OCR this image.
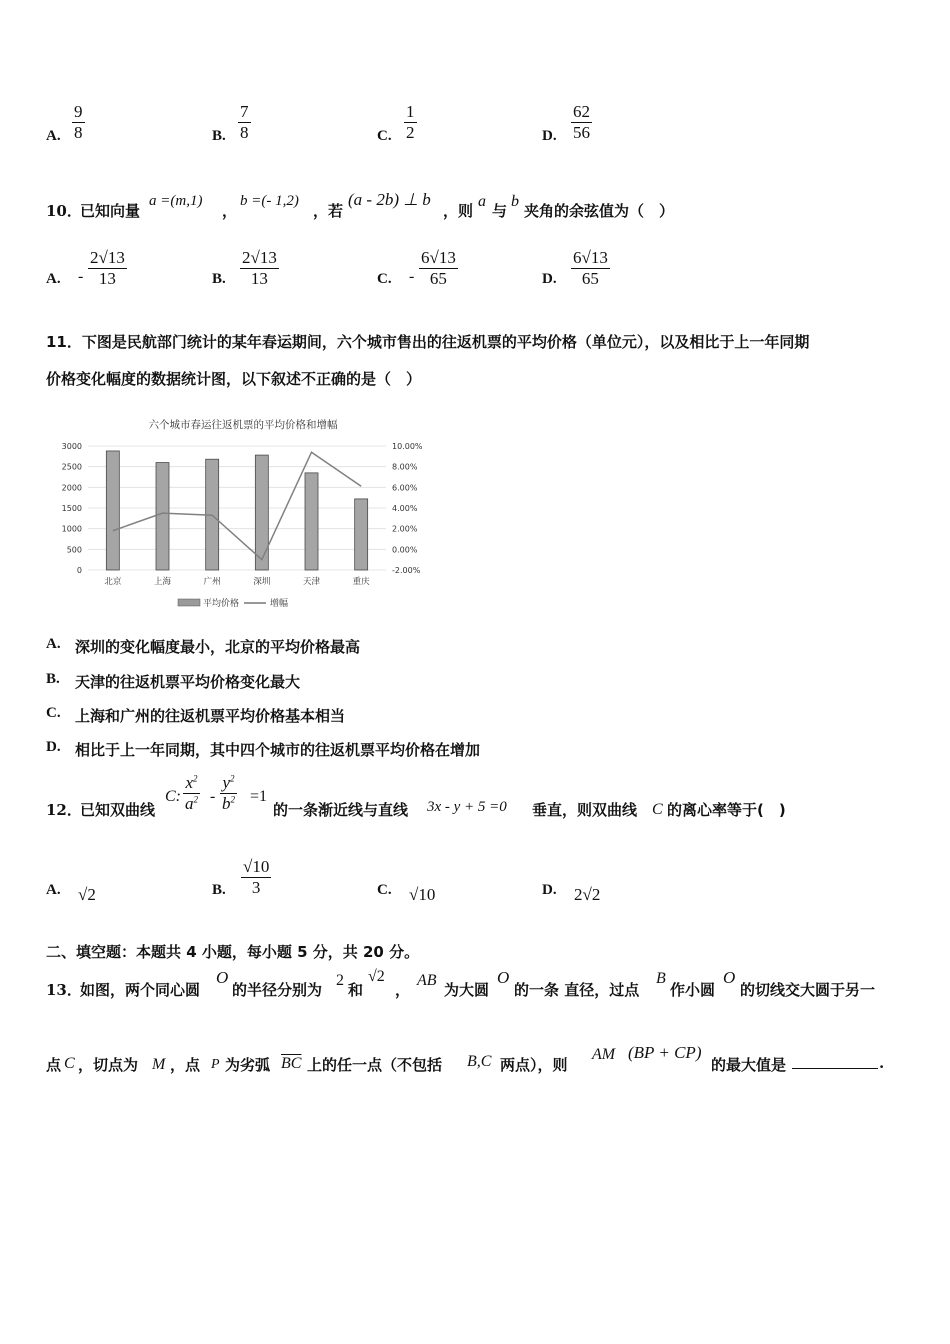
A. $\frac{9}{8}$	B. $\frac{7}{8}$	C. $\frac{1}{2}$	D. $\frac{62}{56}$
10．
已知向量
a =(m,1)
，
b =(- 1,2)
，若
(a - 2b) ⊥ b
，则
a
与
b
夹角的余弦值为（　）
A. - $\frac{2√13}{13}$	B. $\frac{2√13}{13}$	C. - $\frac{6√13}{65}$	D. $\frac{6√13}{65}$
11．下图是民航部门统计的某年春运期间，六个城市售出的往返机票的平均价格（单位元），以及相比于上一年同期
价格变化幅度的数据统计图，以下叙述不正确的是（　）
六个城市春运往返机票的平均价格和增幅
0
500
1000
1500
2000
2500
3000
-2.00%
0.00%
2.00%
4.00%
6.00%
8.00%
10.00%
北京	上海	广州	深圳	天津	重庆
平均价格	增幅
A. 深圳的变化幅度最小，北京的平均价格最高
B. 天津的往返机票平均价格变化最大
C. 上海和广州的往返机票平均价格基本相当
D. 相比于上一年同期，其中四个城市的往返机票平均价格在增加
12．
已知双曲线
C: $\frac{x^2}{a^2} - \frac{y^2}{b^2} =1$
的一条渐近线与直线 3x - y + 5 =0 垂直，则双曲线 C 的离心率等于(　)
A. √2	B. $\frac{√10}{3}$	C. √10	D. 2√2
二、填空题：本题共 4 小题，每小题 5 分，共 20 分。
13．
如图，两个同心圆
O
的半径分别为
2
和
√2
，
AB
为大圆
O
的一条 直径，过点
B
作小圆
O
的切线交大圆于另一
点 C ，切点为 M ，点 P 为劣弧 $\overline{BC}$ 上的任一点（不包括 B,C 两点），则
AM (BP + CP)
的最大值是	.
